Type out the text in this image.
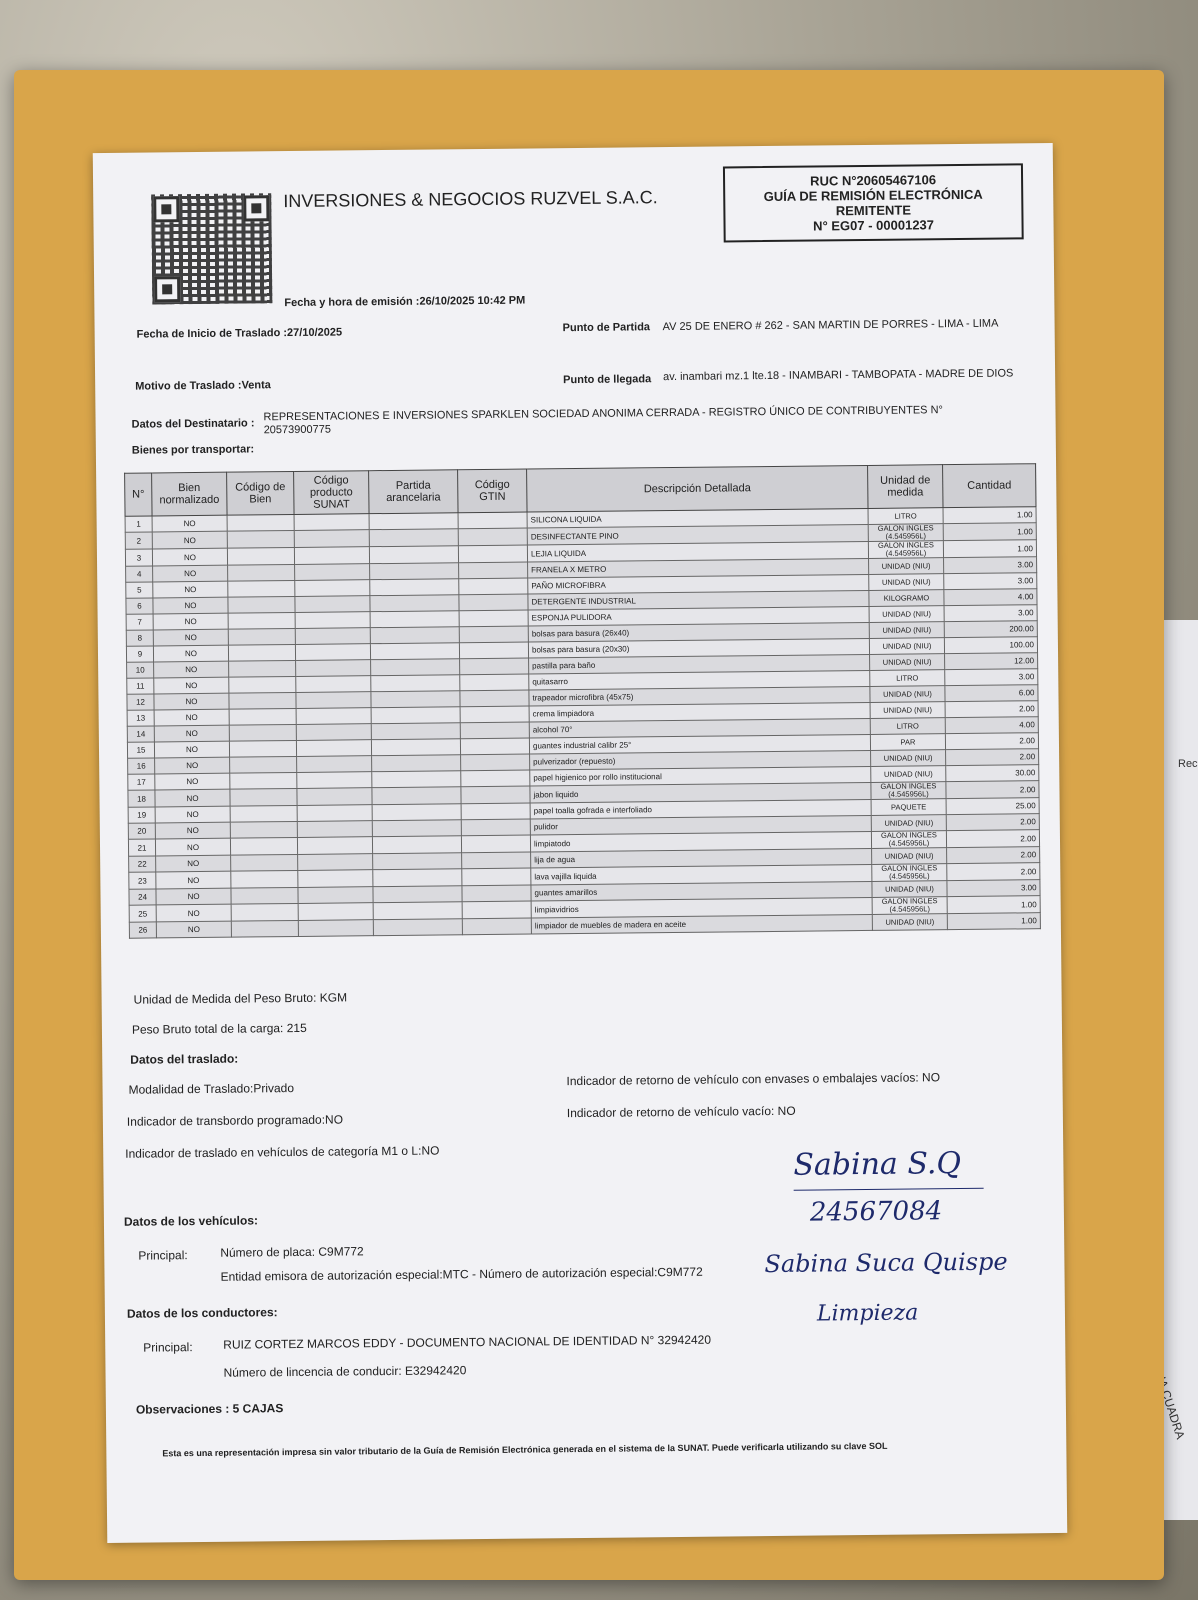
Rec
CUADRA
INVERSIONES & NEGOCIOS RUZVEL S.A.C.
RUC N°20605467106
GUÍA DE REMISIÓN ELECTRÓNICA
REMITENTE
N° EG07 - 00001237
Fecha y hora de emisión :26/10/2025 10:42 PM
Fecha de Inicio de Traslado :27/10/2025	Punto de Partida AV 25 DE ENERO # 262 - SAN MARTIN DE PORRES - LIMA - LIMA
Motivo de Traslado :Venta	Punto de llegada av. inambari mz.1 lte.18 - INAMBARI - TAMBOPATA - MADRE DE DIOS
Datos del Destinatario :
REPRESENTACIONES E INVERSIONES SPARKLEN SOCIEDAD ANONIMA CERRADA - REGISTRO ÚNICO DE CONTRIBUYENTES N° 20573900775
Bienes por transportar:
N°	Bien normalizado	Código de Bien	Código producto SUNAT	Partida arancelaria	Código GTIN	Descripción Detallada	Unidad de medida	Cantidad
1	NO					SILICONA LIQUIDA	LITRO	1.00
2	NO					DESINFECTANTE PINO	GALON INGLES (4.545956L)	1.00
3	NO					LEJIA LIQUIDA	GALON INGLES (4.545956L)	1.00
4	NO					FRANELA X METRO	UNIDAD (NIU)	3.00
5	NO					PAÑO MICROFIBRA	UNIDAD (NIU)	3.00
6	NO					DETERGENTE INDUSTRIAL	KILOGRAMO	4.00
7	NO					ESPONJA PULIDORA	UNIDAD (NIU)	3.00
8	NO					bolsas para basura (26x40)	UNIDAD (NIU)	200.00
9	NO					bolsas para basura (20x30)	UNIDAD (NIU)	100.00
10	NO					pastilla para baño	UNIDAD (NIU)	12.00
11	NO					quitasarro	LITRO	3.00
12	NO					trapeador microfibra (45x75)	UNIDAD (NIU)	6.00
13	NO					crema limpiadora	UNIDAD (NIU)	2.00
14	NO					alcohol 70°	LITRO	4.00
15	NO					guantes industrial calibr 25°	PAR	2.00
16	NO					pulverizador (repuesto)	UNIDAD (NIU)	2.00
17	NO					papel higienico por rollo institucional	UNIDAD (NIU)	30.00
18	NO					jabon liquido	GALON INGLES (4.545956L)	2.00
19	NO					papel toalla gofrada e interfoliado	PAQUETE	25.00
20	NO					pulidor	UNIDAD (NIU)	2.00
21	NO					limpiatodo	GALON INGLES (4.545956L)	2.00
22	NO					lija de agua	UNIDAD (NIU)	2.00
23	NO					lava vajilla liquida	GALON INGLES (4.545956L)	2.00
24	NO					guantes amarillos	UNIDAD (NIU)	3.00
25	NO					limpiavidrios	GALON INGLES (4.545956L)	1.00
26	NO					limpiador de muebles de madera en aceite	UNIDAD (NIU)	1.00
Unidad de Medida del Peso Bruto: KGM
Peso Bruto total de la carga: 215
Datos del traslado:
Modalidad de Traslado:Privado
Indicador de retorno de vehículo con envases o embalajes vacíos: NO
Indicador de transbordo programado:NO
Indicador de retorno de vehículo vacío: NO
Indicador de traslado en vehículos de categoría M1 o L:NO
Datos de los vehículos:
Principal:	Número de placa: C9M772
Entidad emisora de autorización especial:MTC - Número de autorización especial:C9M772
Datos de los conductores:
Principal:	RUIZ CORTEZ MARCOS EDDY - DOCUMENTO NACIONAL DE IDENTIDAD N° 32942420
Número de lincencia de conducir: E32942420
Observaciones : 5 CAJAS
Esta es una representación impresa sin valor tributario de la Guía de Remisión Electrónica generada en el sistema de la SUNAT. Puede verificarla utilizando su clave SOL
Sabina S.Q
24567084
Sabina Suca Quispe
Limpieza
